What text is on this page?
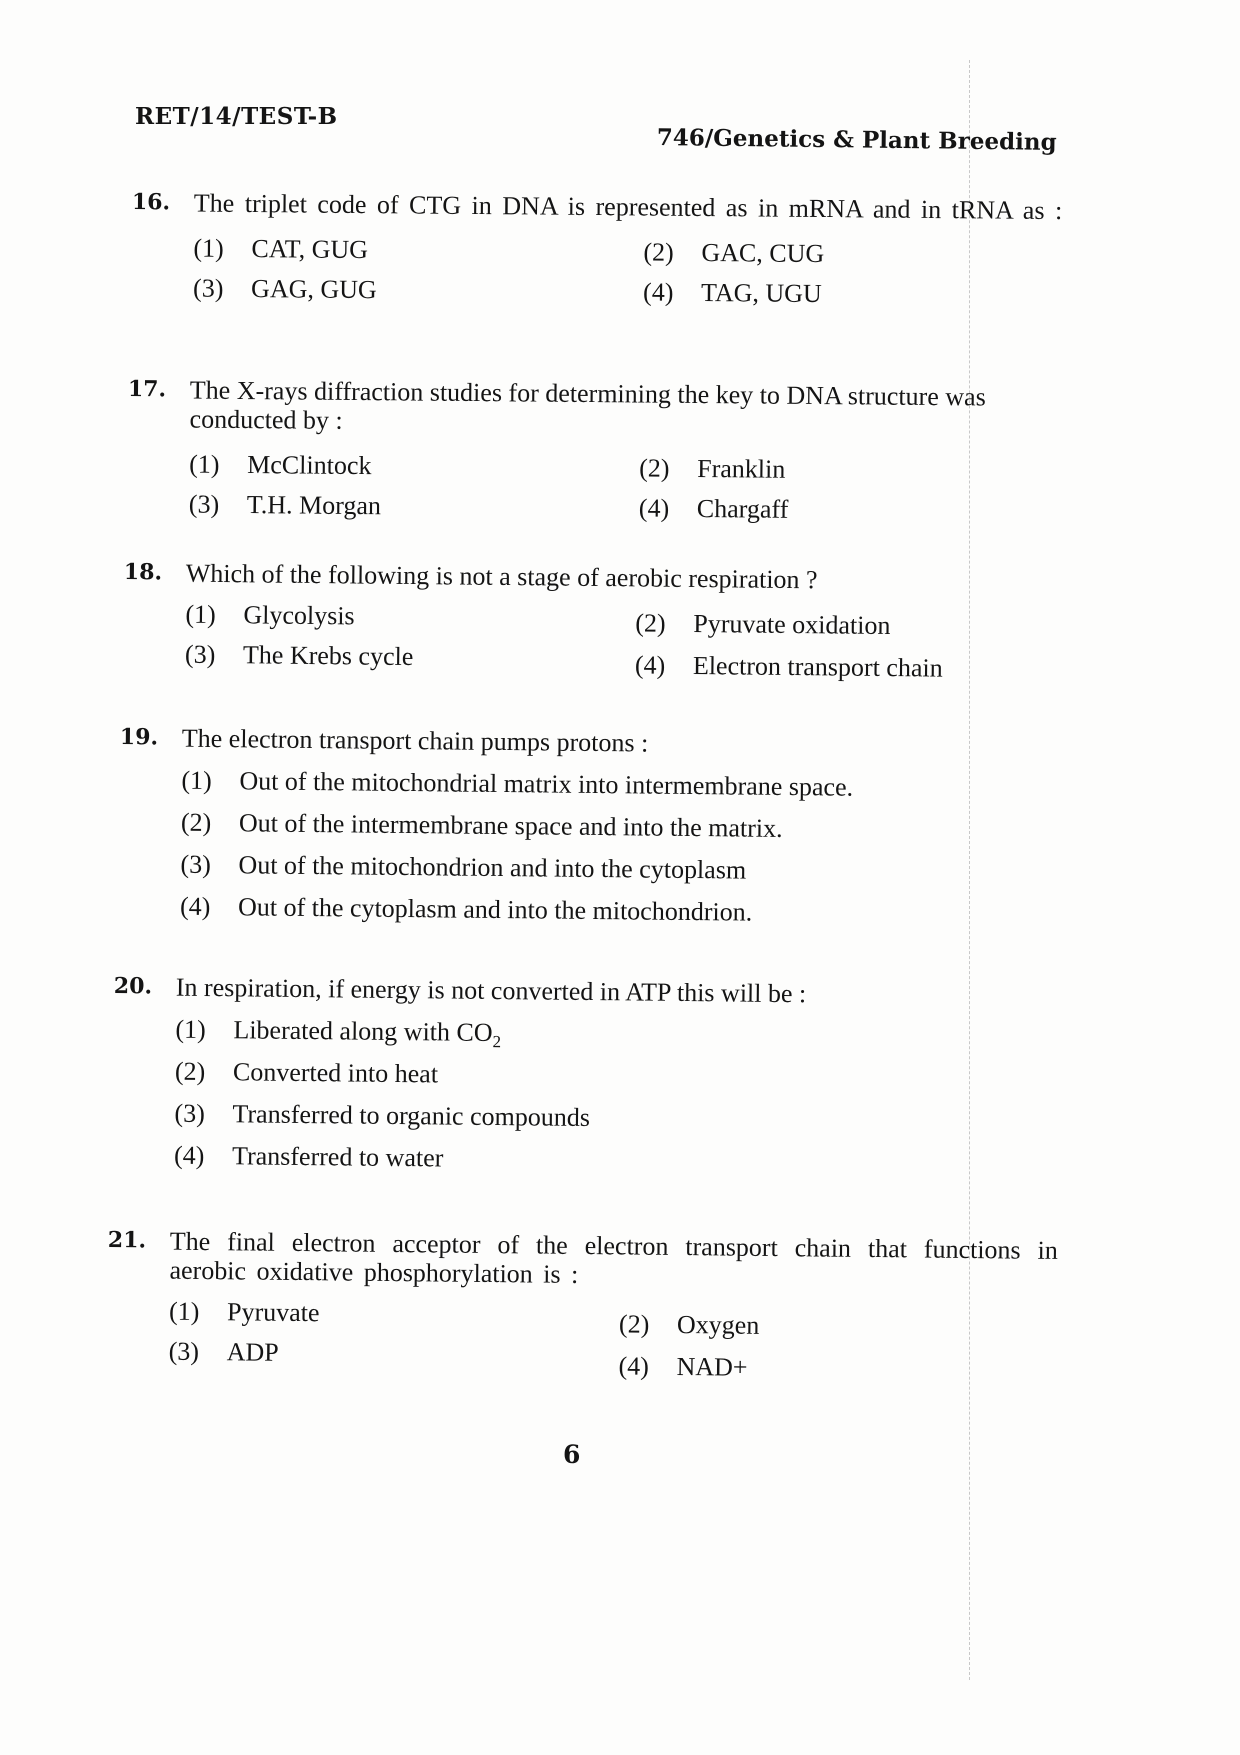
RET/14/TEST-B
746/Genetics & Plant Breeding
16. The triplet code of CTG in DNA is represented as in mRNA and in tRNA as :
(1) CAT, GUG	(2) GAC, CUG
(3) GAG, GUG	(4) TAG, UGU
17. The X-rays diffraction studies for determining the key to DNA structure was conducted by :
(1) McClintock	(2) Franklin
(3) T.H. Morgan	(4) Chargaff
18. Which of the following is not a stage of aerobic respiration ?
(1) Glycolysis	(2) Pyruvate oxidation
(3) The Krebs cycle	(4) Electron transport chain
19. The electron transport chain pumps protons :
(1) Out of the mitochondrial matrix into intermembrane space.
(2) Out of the intermembrane space and into the matrix.
(3) Out of the mitochondrion and into the cytoplasm
(4) Out of the cytoplasm and into the mitochondrion.
20. In respiration, if energy is not converted in ATP this will be :
(1) Liberated along with $CO_2$
(2) Converted into heat
(3) Transferred to organic compounds
(4) Transferred to water
21. The final electron acceptor of the electron transport chain that functions in aerobic oxidative phosphorylation is :
(1) Pyruvate	(2) Oxygen
(3) ADP	(4) NAD+
6
